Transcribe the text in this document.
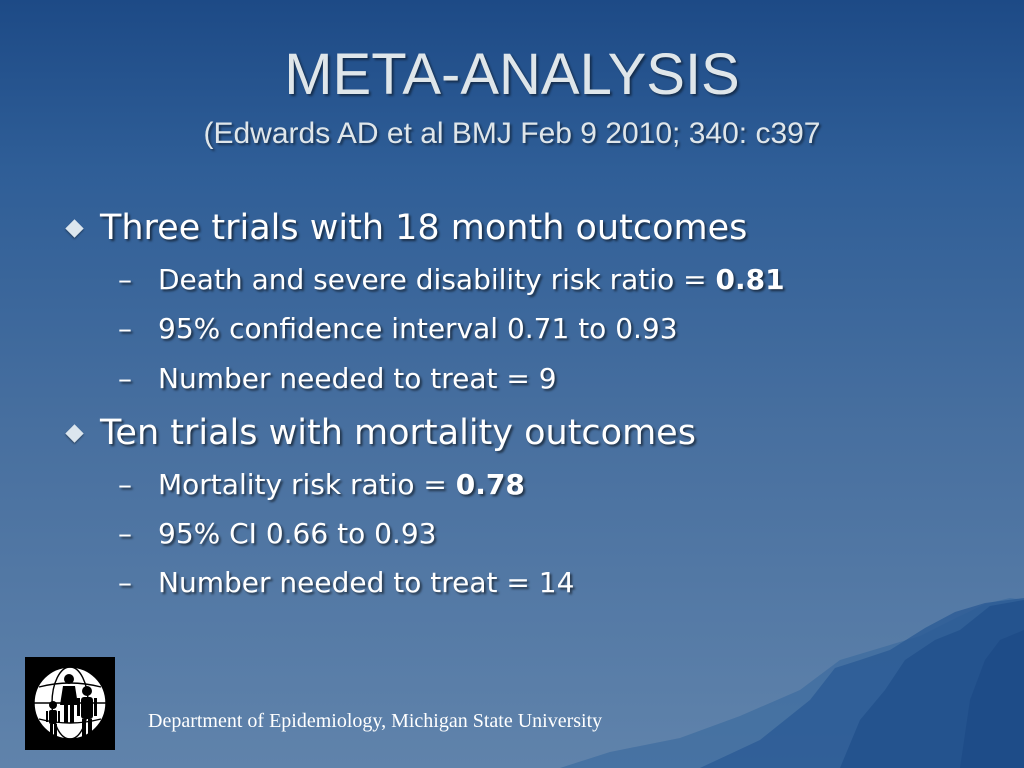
META-ANALYSIS
(Edwards AD et al BMJ Feb 9 2010; 340: c397
Three trials with 18 month outcomes
– Death and severe disability risk ratio = 0.81
– 95% confidence interval 0.71 to 0.93
– Number needed to treat = 9
Ten trials with mortality outcomes
– Mortality risk ratio = 0.78
– 95% CI 0.66 to 0.93
– Number needed to treat = 14
Department of Epidemiology, Michigan State University
